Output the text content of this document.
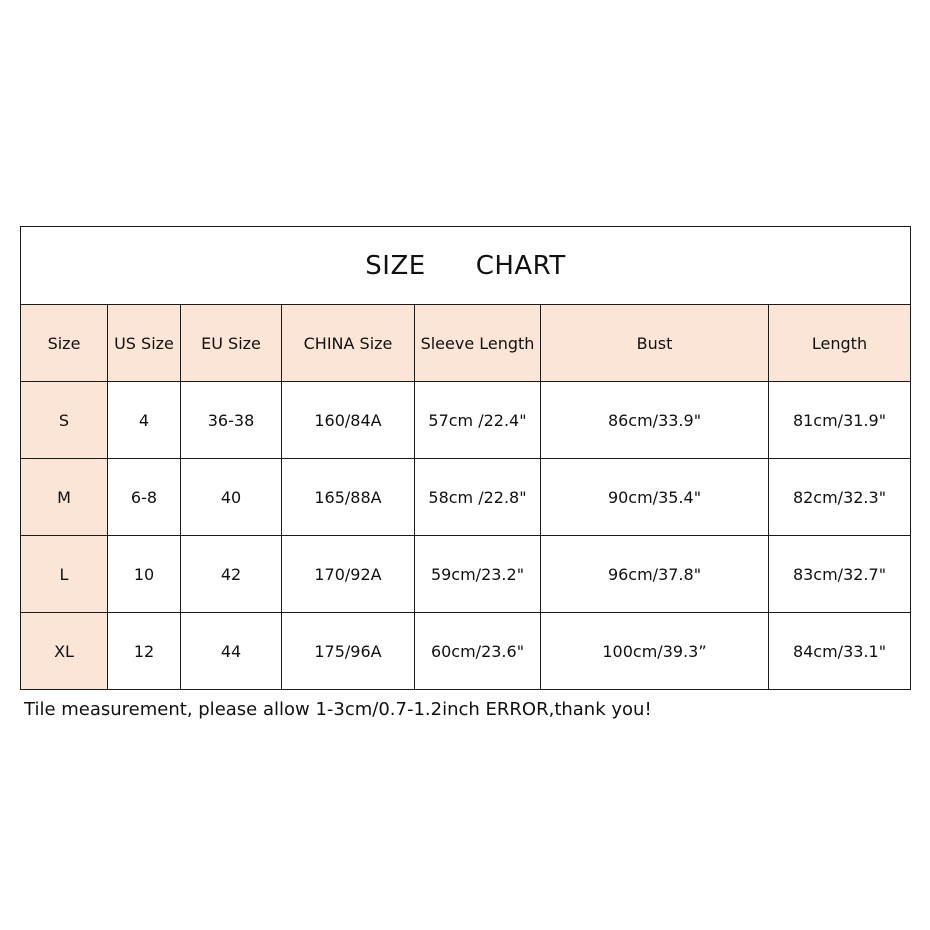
SIZE CHART						
Size	US Size	EU Size	CHINA Size	Sleeve Length	Bust	Length
S	4	36-38	160/84A	57cm /22.4"	86cm/33.9"	81cm/31.9"
M	6-8	40	165/88A	58cm /22.8"	90cm/35.4"	82cm/32.3"
L	10	42	170/92A	59cm/23.2"	96cm/37.8"	83cm/32.7"
XL	12	44	175/96A	60cm/23.6"	100cm/39.3”	84cm/33.1"
Tile measurement, please allow 1-3cm/0.7-1.2inch ERROR,thank you!
